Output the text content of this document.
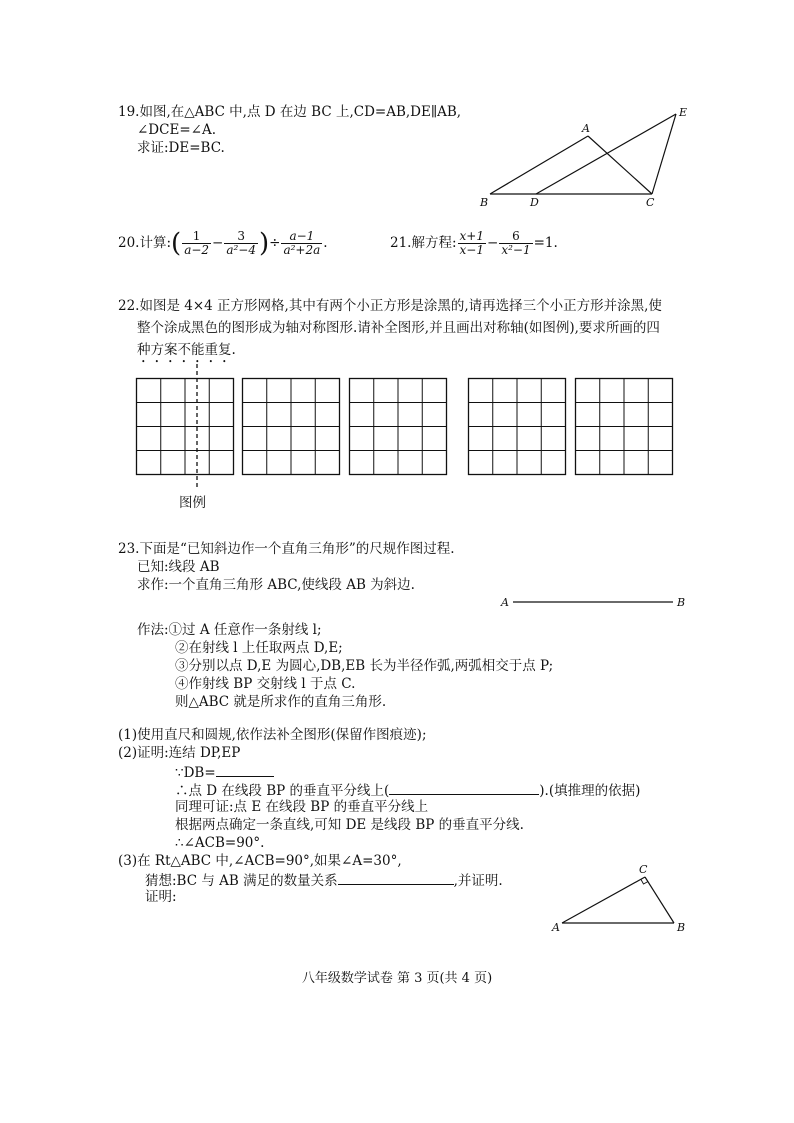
19.如图,在△ABC 中,点 D 在边 BC 上,CD=AB,DE∥AB,
∠DCE=∠A.
求证:DE=BC.
A
B	D	C
E
20.计算:( $\frac{1}{a-2} - \frac{3}{\text{a²−4}}$ )÷ $\frac{a-1}{\text{a²+2a}}$ .	21.解方程: $\frac{x+1}{x-1} - \frac{6}{\text{x²−1}} =1$.
22.如图是 4×4 正方形网格,其中有两个小正方形是涂黑的,请再选择三个小正方形并涂黑,使
整个涂成黑色的图形成为轴对称图形.请补全图形,并且画出对称轴(如图例),要求所画的四
种方案不能重复.
图例
23.下面是“已知斜边作一个直角三角形”的尺规作图过程.
已知:线段 AB
求作:一个直角三角形 ABC,使线段 AB 为斜边.
A	B
作法:①过 A 任意作一条射线 l;
②在射线 l 上任取两点 D,E;
③分别以点 D,E 为圆心,DB,EB 长为半径作弧,两弧相交于点 P;
④作射线 BP 交射线 l 于点 C.
则△ABC 就是所求作的直角三角形.
(1)使用直尺和圆规,依作法补全图形(保留作图痕迹);
(2)证明:连结 DP,EP
∵DB=
∴点 D 在线段 BP 的垂直平分线上(	).(填推理的依据)
同理可证:点 E 在线段 BP 的垂直平分线上
根据两点确定一条直线,可知 DE 是线段 BP 的垂直平分线.
∴∠ACB=90°.
(3)在 Rt△ABC 中,∠ACB=90°,如果∠A=30°,
猜想:BC 与 AB 满足的数量关系	,并证明.
证明:
A	B
C
八年级数学试卷 第 3 页(共 4 页)
